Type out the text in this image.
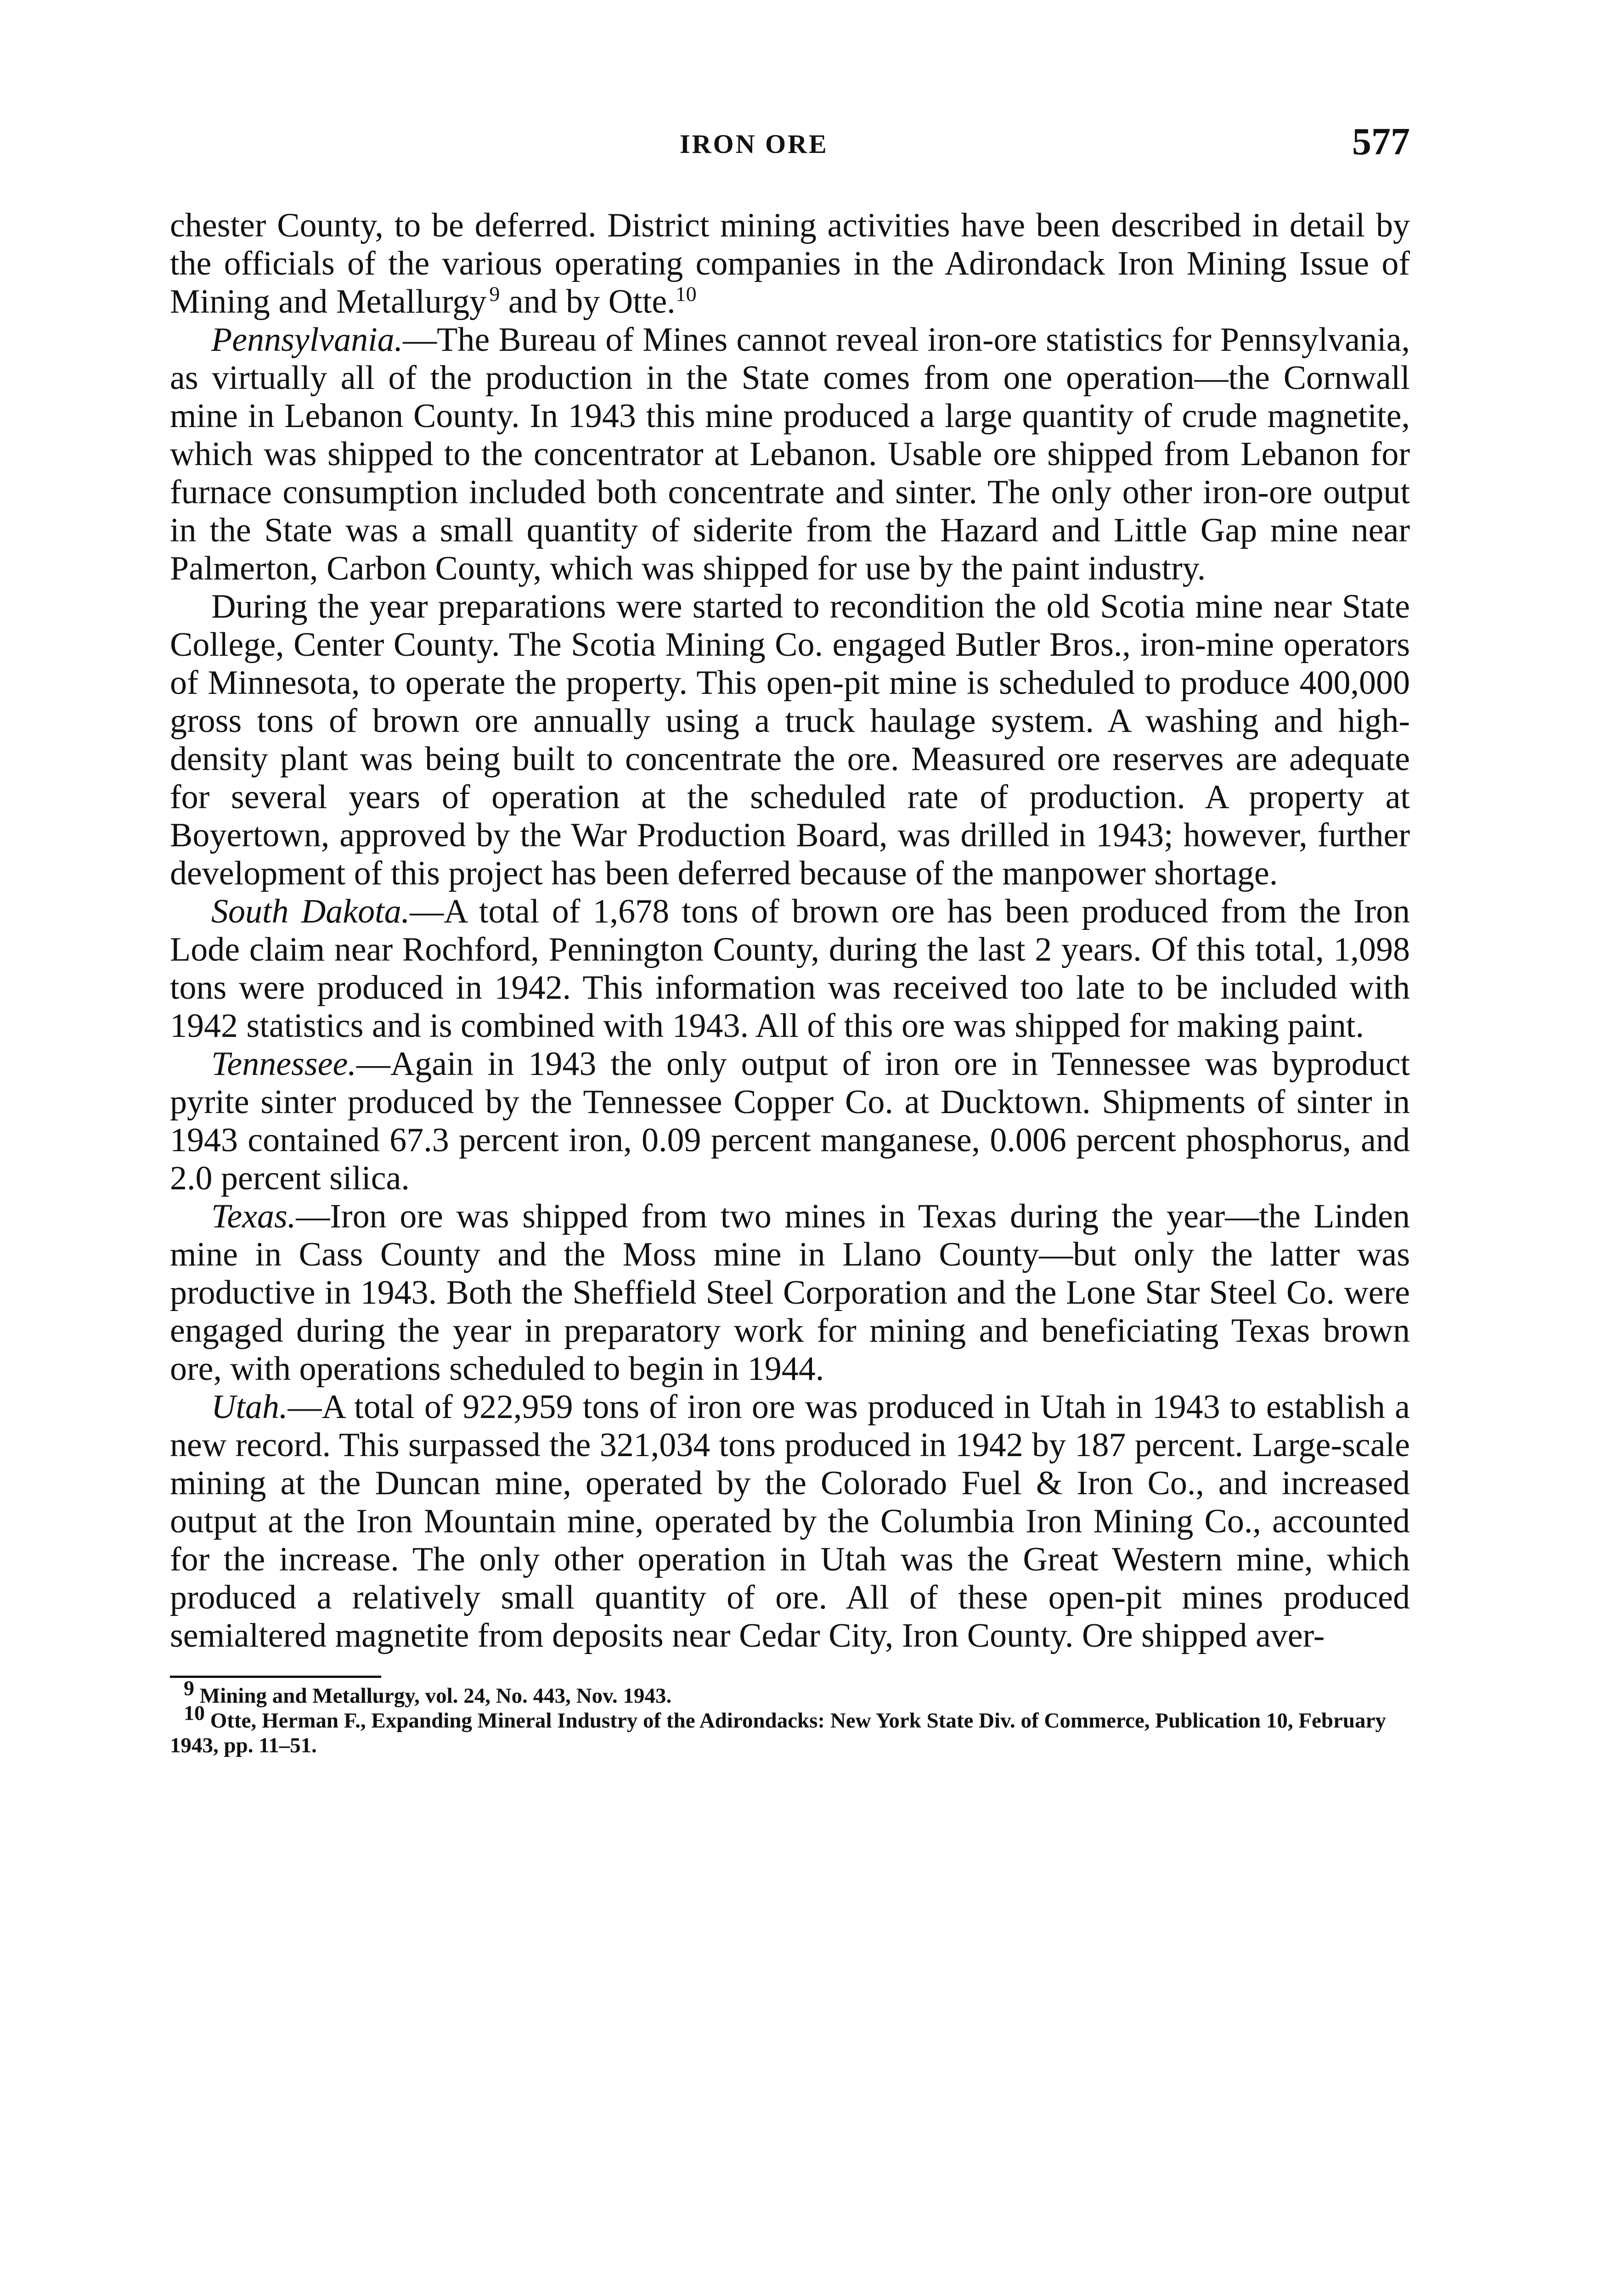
IRON ORE	577

chester County, to be deferred. District mining activities have been described in detail by the officials of the various operating companies in the Adirondack Iron Mining Issue of Mining and Metallurgy  $^9$ and by Otte.$^{10}$

Pennsylvania.—The Bureau of Mines cannot reveal iron-ore statistics for Pennsylvania, as virtually all of the production in the State comes from one operation—the Cornwall mine in Lebanon County. In 1943 this mine produced a large quantity of crude magnetite, which was shipped to the concentrator at Lebanon. Usable ore shipped from Lebanon for furnace consumption included both concentrate and sinter. The only other iron-ore output in the State was a small quantity of siderite from the Hazard and Little Gap mine near Palmerton, Carbon County, which was shipped for use by the paint industry.

During the year preparations were started to recondition the old Scotia mine near State College, Center County. The Scotia Mining Co. engaged Butler Bros., iron-mine operators of Minnesota, to operate the property. This open-pit mine is scheduled to produce 400,000 gross tons of brown ore annually using a truck haulage system. A washing and high-density plant was being built to concentrate the ore. Measured ore reserves are adequate for several years of operation at the scheduled rate of production. A property at Boyertown, approved by the War Production Board, was drilled in 1943; however, further development of this project has been deferred because of the manpower shortage.

South Dakota.—A total of 1,678 tons of brown ore has been produced from the Iron Lode claim near Rochford, Pennington County, during the last 2 years. Of this total, 1,098 tons were produced in 1942. This information was received too late to be included with 1942 statistics and is combined with 1943. All of this ore was shipped for making paint.

Tennessee.—Again in 1943 the only output of iron ore in Tennessee was byproduct pyrite sinter produced by the Tennessee Copper Co. at Ducktown. Shipments of sinter in 1943 contained 67.3 percent iron, 0.09 percent manganese, 0.006 percent phosphorus, and 2.0 percent silica.

Texas.—Iron ore was shipped from two mines in Texas during the year—the Linden mine in Cass County and the Moss mine in Llano County—but only the latter was productive in 1943. Both the Sheffield Steel Corporation and the Lone Star Steel Co. were engaged during the year in preparatory work for mining and beneficiating Texas brown ore, with operations scheduled to begin in 1944.

Utah.—A total of 922,959 tons of iron ore was produced in Utah in 1943 to establish a new record. This surpassed the 321,034 tons produced in 1942 by 187 percent. Large-scale mining at the Duncan mine, operated by the Colorado Fuel & Iron Co., and increased output at the Iron Mountain mine, operated by the Columbia Iron Mining Co., accounted for the increase. The only other operation in Utah was the Great Western mine, which produced a relatively small quantity of ore. All of these open-pit mines produced semialtered magnetite from deposits near Cedar City, Iron County. Ore shipped aver-

$^9$ Mining and Metallurgy, vol. 24, No. 443, Nov. 1943.

$^{10}$ Otte, Herman F., Expanding Mineral Industry of the Adirondacks: New York State Div. of Commerce, Publication 10, February 1943, pp. 11–51.
